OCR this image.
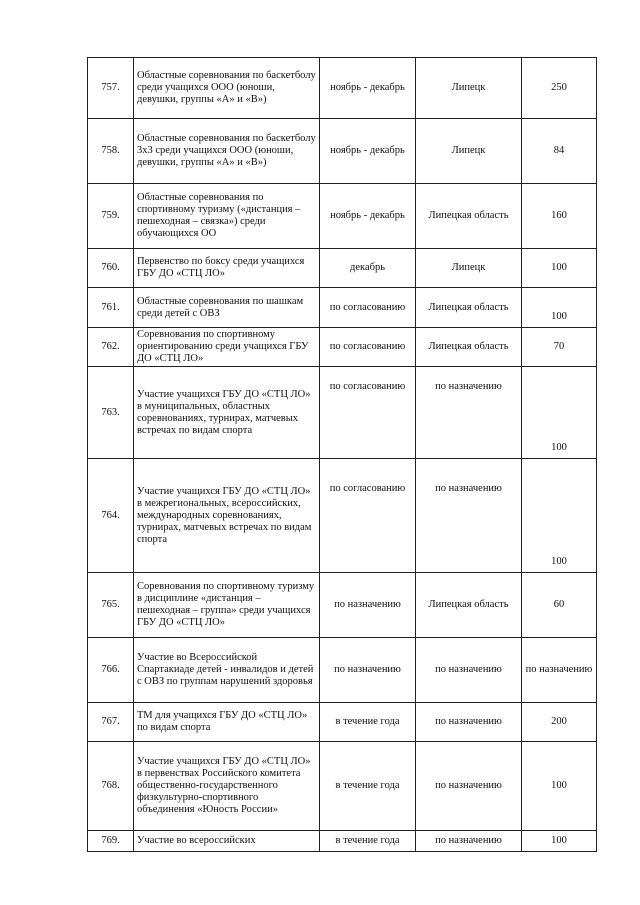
757.	Областные соревнования по баскетболу среди учащихся ООО (юноши, девушки, группы «А» и «В»)	ноябрь - декабрь	Липецк	250
758.	Областные соревнования по баскетболу 3х3 среди учащихся ООО (юноши, девушки, группы «А» и «В»)	ноябрь - декабрь	Липецк	84
759.	Областные соревнования по спортивному туризму («дистанция – пешеходная – связка») среди обучающихся ОО	ноябрь - декабрь	Липецкая область	160
760.	Первенство по боксу среди учащихся ГБУ ДО «СТЦ ЛО»	декабрь	Липецк	100
761.	Областные соревнования по шашкам среди детей с ОВЗ	по согласованию	Липецкая область	100
762.	Соревнования по спортивному ориентированию среди учащихся ГБУ ДО «СТЦ ЛО»	по согласованию	Липецкая область	70
763.	Участие учащихся ГБУ ДО «СТЦ ЛО» в муниципальных, областных соревнованиях, турнирах, матчевых встречах по видам спорта	по согласованию	по назначению	100
764.	Участие учащихся ГБУ ДО «СТЦ ЛО» в межрегиональных, всероссийских, международных соревнованиях, турнирах, матчевых встречах по видам спорта	по согласованию	по назначению	100
765.	Соревнования по спортивному туризму в дисциплине «дистанция – пешеходная – группа» среди учащихся ГБУ ДО «СТЦ ЛО»	по назначению	Липецкая область	60
766.	Участие во Всероссийской Спартакиаде детей - инвалидов и детей с ОВЗ по группам нарушений здоровья	по назначению	по назначению	по назначению
767.	ТМ для учащихся ГБУ ДО «СТЦ ЛО» по видам спорта	в течение года	по назначению	200
768.	Участие учащихся ГБУ ДО «СТЦ ЛО» в первенствах Российского комитета общественно-государственного физкультурно-спортивного объединения «Юность России»	в течение года	по назначению	100
769.	Участие во всероссийских	в течение года	по назначению	100
